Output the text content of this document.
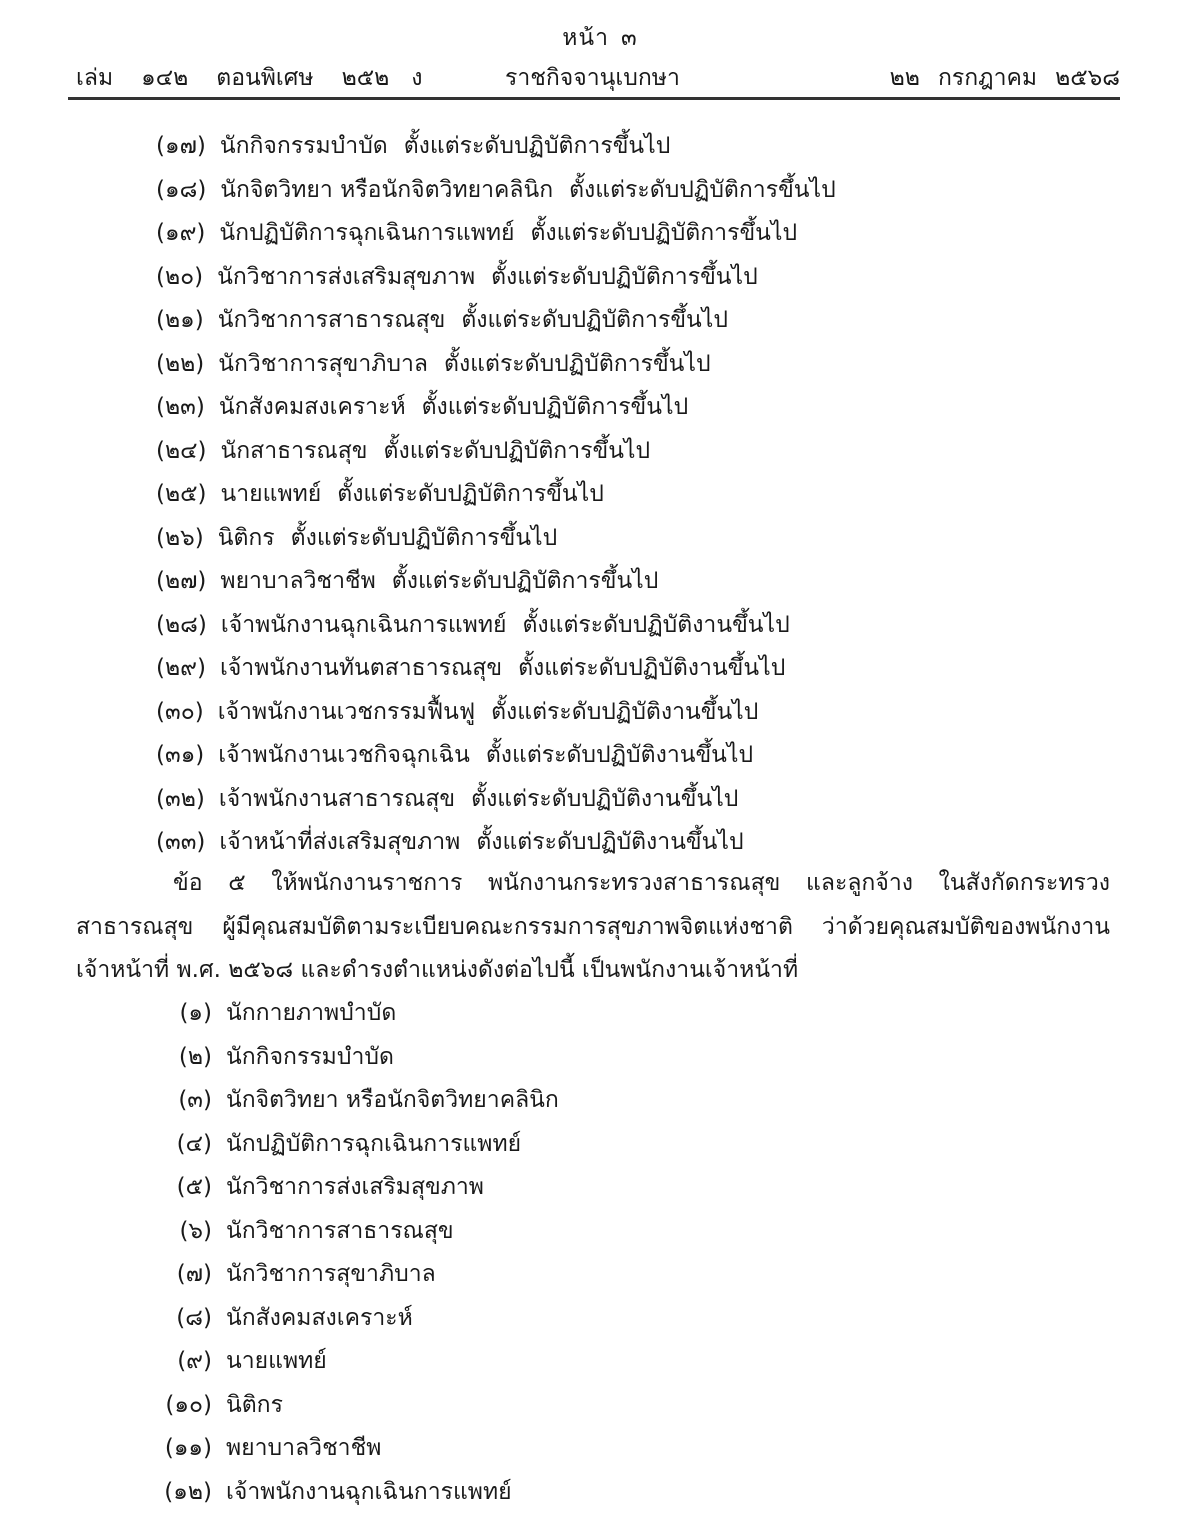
หน้า ๓
เล่ม ๑๔๒ ตอนพิเศษ ๒๕๒ ง	ราชกิจจานุเบกษา	๒๒ กรกฎาคม ๒๕๖๘
(๑๗) นักกิจกรรมบำบัด ตั้งแต่ระดับปฏิบัติการขึ้นไป
(๑๘) นักจิตวิทยา หรือนักจิตวิทยาคลินิก ตั้งแต่ระดับปฏิบัติการขึ้นไป
(๑๙) นักปฏิบัติการฉุกเฉินการแพทย์ ตั้งแต่ระดับปฏิบัติการขึ้นไป
(๒๐) นักวิชาการส่งเสริมสุขภาพ ตั้งแต่ระดับปฏิบัติการขึ้นไป
(๒๑) นักวิชาการสาธารณสุข ตั้งแต่ระดับปฏิบัติการขึ้นไป
(๒๒) นักวิชาการสุขาภิบาล ตั้งแต่ระดับปฏิบัติการขึ้นไป
(๒๓) นักสังคมสงเคราะห์ ตั้งแต่ระดับปฏิบัติการขึ้นไป
(๒๔) นักสาธารณสุข ตั้งแต่ระดับปฏิบัติการขึ้นไป
(๒๕) นายแพทย์ ตั้งแต่ระดับปฏิบัติการขึ้นไป
(๒๖) นิติกร ตั้งแต่ระดับปฏิบัติการขึ้นไป
(๒๗) พยาบาลวิชาชีพ ตั้งแต่ระดับปฏิบัติการขึ้นไป
(๒๘) เจ้าพนักงานฉุกเฉินการแพทย์ ตั้งแต่ระดับปฏิบัติงานขึ้นไป
(๒๙) เจ้าพนักงานทันตสาธารณสุข ตั้งแต่ระดับปฏิบัติงานขึ้นไป
(๓๐) เจ้าพนักงานเวชกรรมฟื้นฟู ตั้งแต่ระดับปฏิบัติงานขึ้นไป
(๓๑) เจ้าพนักงานเวชกิจฉุกเฉิน ตั้งแต่ระดับปฏิบัติงานขึ้นไป
(๓๒) เจ้าพนักงานสาธารณสุข ตั้งแต่ระดับปฏิบัติงานขึ้นไป
(๓๓) เจ้าหน้าที่ส่งเสริมสุขภาพ ตั้งแต่ระดับปฏิบัติงานขึ้นไป
ข้อ ๕ ให้พนักงานราชการ พนักงานกระทรวงสาธารณสุข และลูกจ้าง ในสังกัดกระทรวง
สาธารณสุข ผู้มีคุณสมบัติตามระเบียบคณะกรรมการสุขภาพจิตแห่งชาติ ว่าด้วยคุณสมบัติของพนักงาน
เจ้าหน้าที่ พ.ศ. ๒๕๖๘ และดำรงตำแหน่งดังต่อไปนี้ เป็นพนักงานเจ้าหน้าที่
(๑) นักกายภาพบำบัด
(๒) นักกิจกรรมบำบัด
(๓) นักจิตวิทยา หรือนักจิตวิทยาคลินิก
(๔) นักปฏิบัติการฉุกเฉินการแพทย์
(๕) นักวิชาการส่งเสริมสุขภาพ
(๖) นักวิชาการสาธารณสุข
(๗) นักวิชาการสุขาภิบาล
(๘) นักสังคมสงเคราะห์
(๙) นายแพทย์
(๑๐) นิติกร
(๑๑) พยาบาลวิชาชีพ
(๑๒) เจ้าพนักงานฉุกเฉินการแพทย์
